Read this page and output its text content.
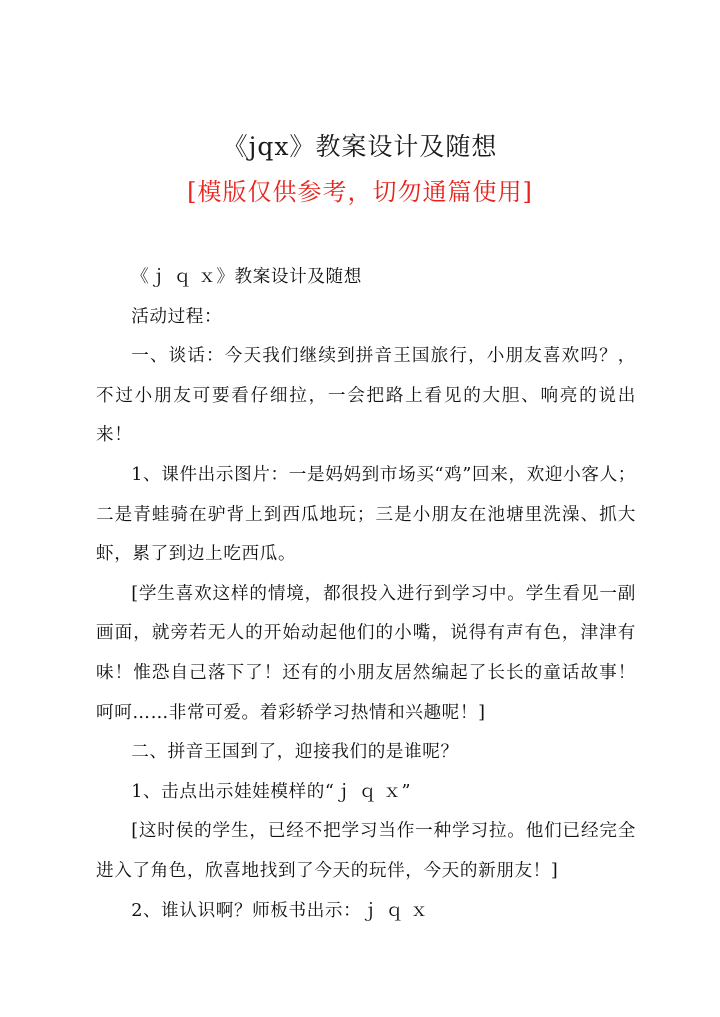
《jqx》教案设计及随想
[模版仅供参考，切勿通篇使用]

《ｊ ｑ ｘ》教案设计及随想

活动过程：

一、谈话：今天我们继续到拼音王国旅行，小朋友喜欢吗？，不过小朋友可要看仔细拉，一会把路上看见的大胆、响亮的说出来！

1、课件出示图片：一是妈妈到市场买“鸡”回来，欢迎小客人；二是青蛙骑在驴背上到西瓜地玩；三是小朋友在池塘里洗澡、抓大虾，累了到边上吃西瓜。

[学生喜欢这样的情境，都很投入进行到学习中。学生看见一副画面，就旁若无人的开始动起他们的小嘴，说得有声有色，津津有味！惟恐自己落下了！还有的小朋友居然编起了长长的童话故事！呵呵……非常可爱。着彩轿学习热情和兴趣呢！]

二、拼音王国到了，迎接我们的是谁呢？

1、击点出示娃娃模样的“ｊ ｑ ｘ”

[这时侯的学生，已经不把学习当作一种学习拉。他们已经完全进入了角色，欣喜地找到了今天的玩伴，今天的新朋友！]

2、谁认识啊？师板书出示：ｊ ｑ ｘ
